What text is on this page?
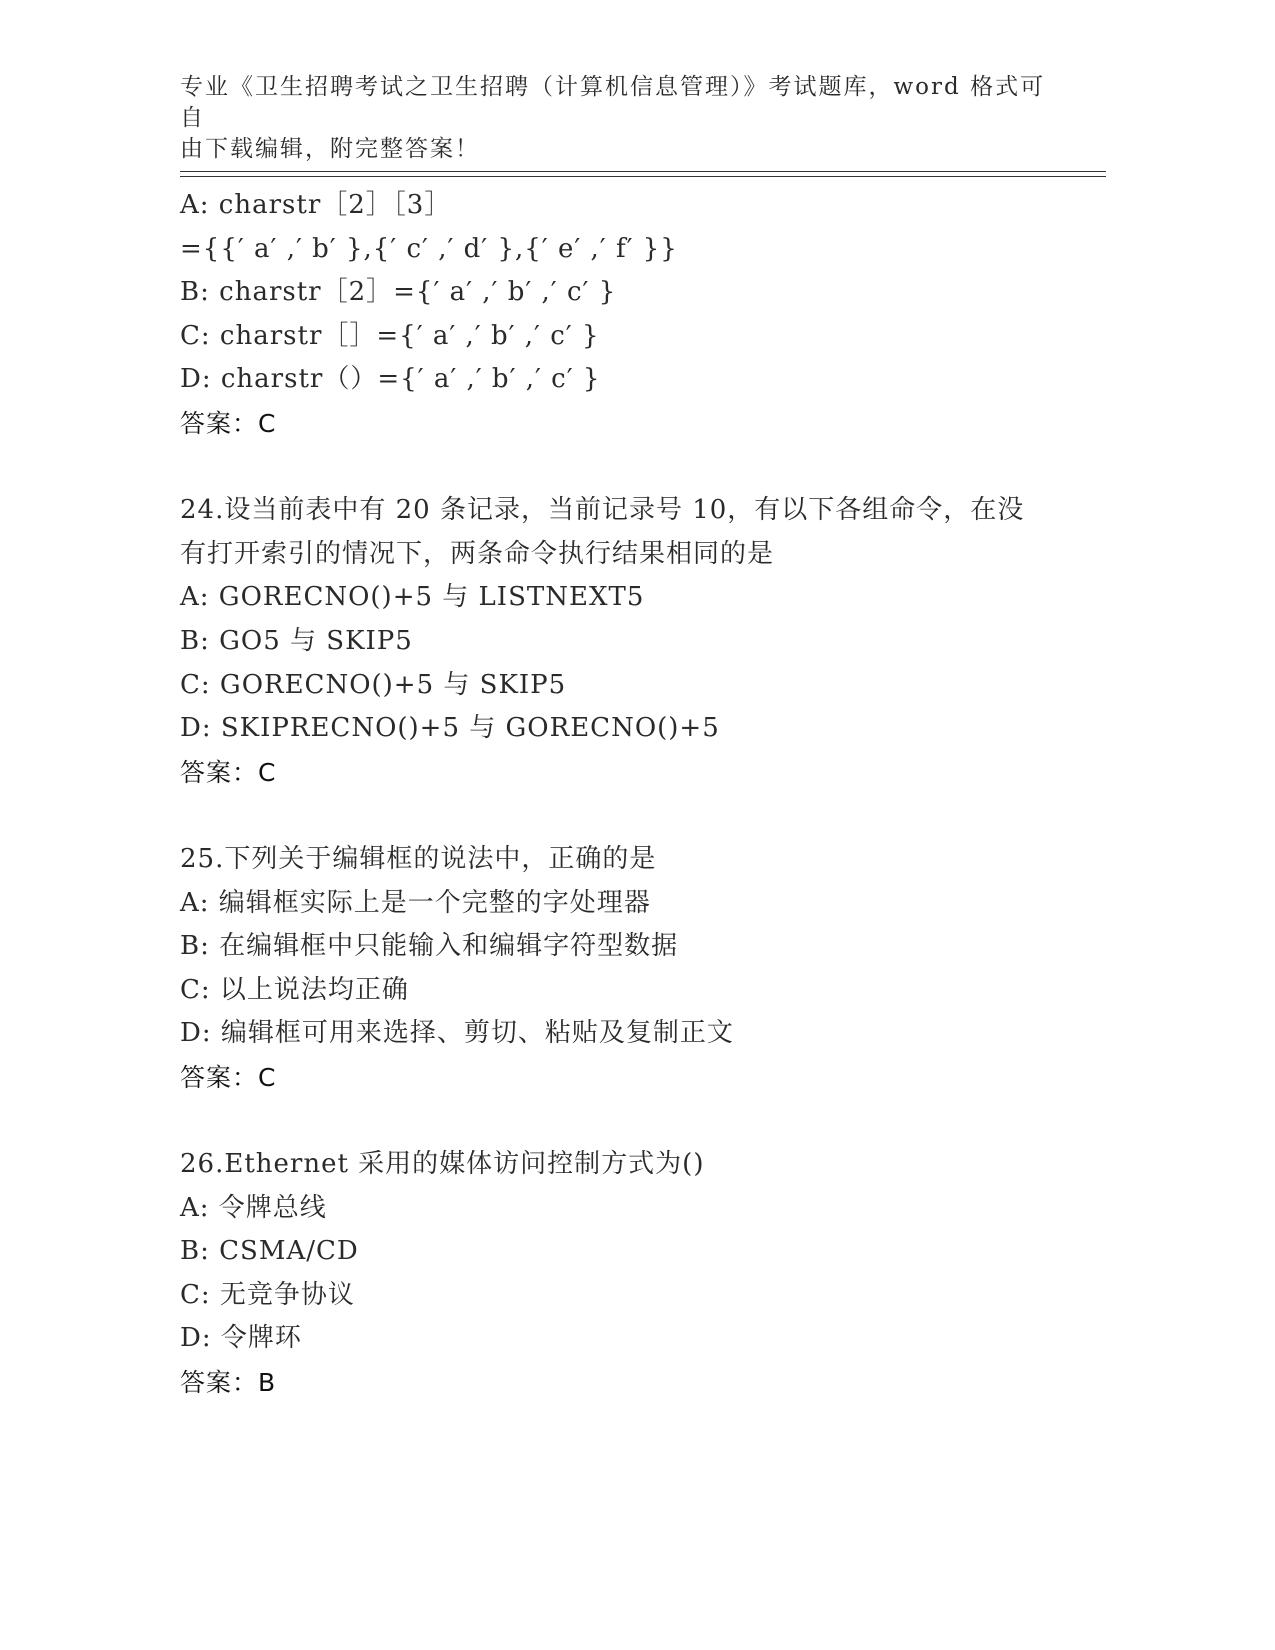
专业《卫生招聘考试之卫生招聘（计算机信息管理）》考试题库，word 格式可自
由下载编辑，附完整答案！
A: charstr［2］［3］
={{′ a′ ,′ b′ },{′ c′ ,′ d′ },{′ e′ ,′ f′ }}
B: charstr［2］={′ a′ ,′ b′ ,′ c′ }
C: charstr［］={′ a′ ,′ b′ ,′ c′ }
D: charstr（）={′ a′ ,′ b′ ,′ c′ }
答案：C
24.设当前表中有 20 条记录，当前记录号 10，有以下各组命令，在没
有打开索引的情况下，两条命令执行结果相同的是
A: GORECNO()+5 与 LISTNEXT5
B: GO5 与 SKIP5
C: GORECNO()+5 与 SKIP5
D: SKIPRECNO()+5 与 GORECNO()+5
答案：C
25.下列关于编辑框的说法中，正确的是
A: 编辑框实际上是一个完整的字处理器
B: 在编辑框中只能输入和编辑字符型数据
C: 以上说法均正确
D: 编辑框可用来选择、剪切、粘贴及复制正文
答案：C
26.Ethernet 采用的媒体访问控制方式为()
A: 令牌总线
B: CSMA/CD
C: 无竞争协议
D: 令牌环
答案：B
